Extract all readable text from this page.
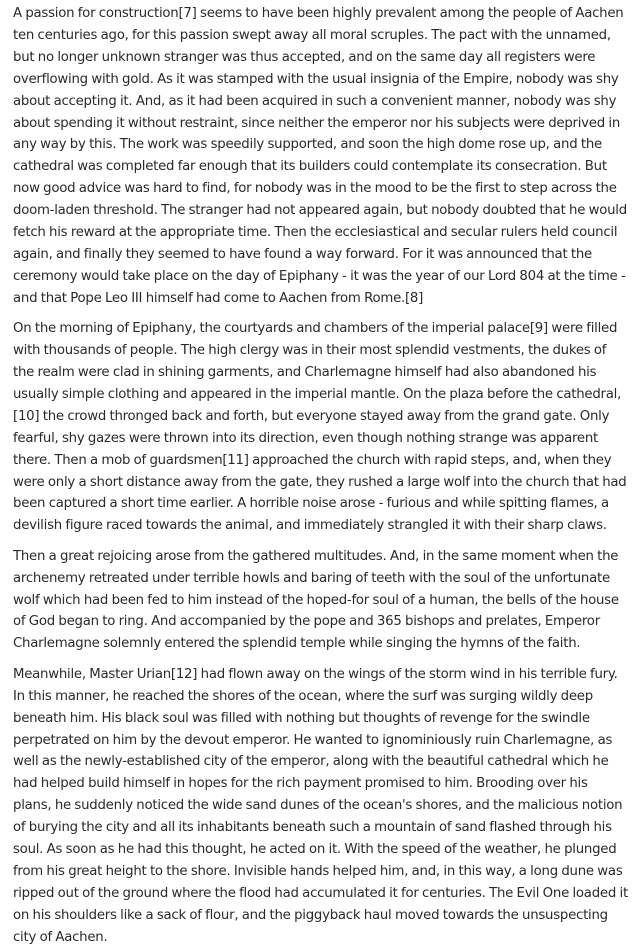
A passion for construction[7] seems to have been highly prevalent among the people of Aachen ten centuries ago, for this passion swept away all moral scruples. The pact with the unnamed, but no longer unknown stranger was thus accepted, and on the same day all registers were overflowing with gold. As it was stamped with the usual insignia of the Empire, nobody was shy about accepting it. And, as it had been acquired in such a convenient manner, nobody was shy about spending it without restraint, since neither the emperor nor his subjects were deprived in any way by this. The work was speedily supported, and soon the high dome rose up, and the cathedral was completed far enough that its builders could contemplate its consecration. But now good advice was hard to find, for nobody was in the mood to be the first to step across the doom-laden threshold. The stranger had not appeared again, but nobody doubted that he would fetch his reward at the appropriate time. Then the ecclesiastical and secular rulers held council again, and finally they seemed to have found a way forward. For it was announced that the ceremony would take place on the day of Epiphany - it was the year of our Lord 804 at the time - and that Pope Leo III himself had come to Aachen from Rome.[8]

On the morning of Epiphany, the courtyards and chambers of the imperial palace[9] were filled with thousands of people. The high clergy was in their most splendid vestments, the dukes of the realm were clad in shining garments, and Charlemagne himself had also abandoned his usually simple clothing and appeared in the imperial mantle. On the plaza before the cathedral,[10] the crowd thronged back and forth, but everyone stayed away from the grand gate. Only fearful, shy gazes were thrown into its direction, even though nothing strange was apparent there. Then a mob of guardsmen[11] approached the church with rapid steps, and, when they were only a short distance away from the gate, they rushed a large wolf into the church that had been captured a short time earlier. A horrible noise arose - furious and while spitting flames, a devilish figure raced towards the animal, and immediately strangled it with their sharp claws.

Then a great rejoicing arose from the gathered multitudes. And, in the same moment when the archenemy retreated under terrible howls and baring of teeth with the soul of the unfortunate wolf which had been fed to him instead of the hoped-for soul of a human, the bells of the house of God began to ring. And accompanied by the pope and 365 bishops and prelates, Emperor Charlemagne solemnly entered the splendid temple while singing the hymns of the faith.

Meanwhile, Master Urian[12] had flown away on the wings of the storm wind in his terrible fury. In this manner, he reached the shores of the ocean, where the surf was surging wildly deep beneath him. His black soul was filled with nothing but thoughts of revenge for the swindle perpetrated on him by the devout emperor. He wanted to ignominiously ruin Charlemagne, as well as the newly-established city of the emperor, along with the beautiful cathedral which he had helped build himself in hopes for the rich payment promised to him. Brooding over his plans, he suddenly noticed the wide sand dunes of the ocean's shores, and the malicious notion of burying the city and all its inhabitants beneath such a mountain of sand flashed through his soul. As soon as he had this thought, he acted on it. With the speed of the weather, he plunged from his great height to the shore. Invisible hands helped him, and, in this way, a long dune was ripped out of the ground where the flood had accumulated it for centuries. The Evil One loaded it on his shoulders like a sack of flour, and the piggyback haul moved towards the unsuspecting city of Aachen.
